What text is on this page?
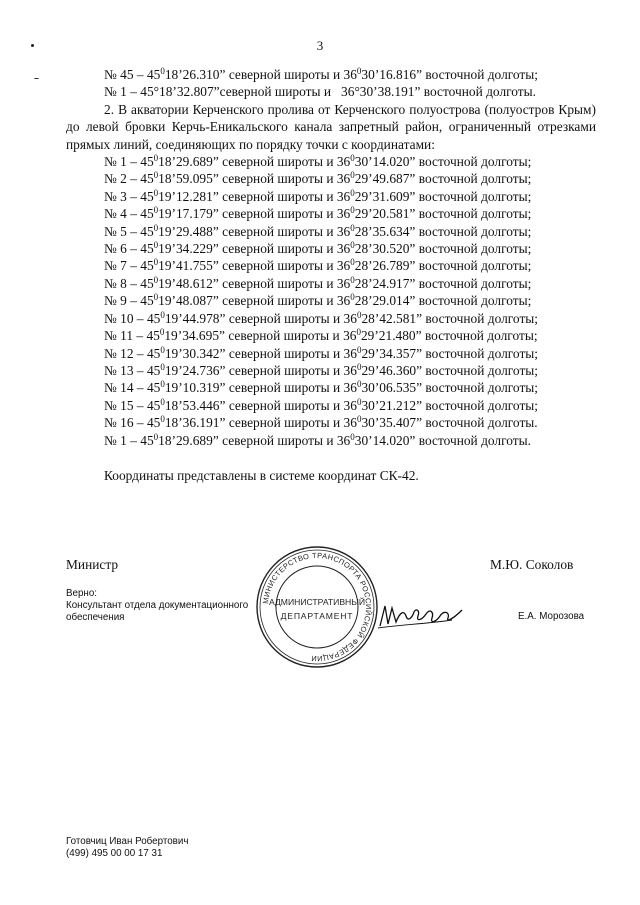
3

№ $45 - 45^018’26.310$” северной широты и $36^030’16.816$” восточной долготы;

№ 1 – 45°18’32.807”северной широты и 36°30’38.191” восточной долготы.

2. В акватории Керченского пролива от Керченского полуострова (полуостров Крым) до левой бровки Керчь-Еникальского канала запретный район, ограниченный отрезками прямых линий, соединяющих по порядку точки с координатами:

№ $1 - 45^018’29.689$” северной широты и $36^030’14.020$” восточной долготы;

№ $2 - 45^018’59.095$” северной широты и $36^029’49.687$” восточной долготы;

№ $3 - 45^019’12.281$” северной широты и $36^029’31.609$” восточной долготы;

№ $4 - 45^019’17.179$” северной широты и $36^029’20.581$” восточной долготы;

№ $5 - 45^019’29.488$” северной широты и $36^028’35.634$” восточной долготы;

№ $6 - 45^019’34.229$” северной широты и $36^028’30.520$” восточной долготы;

№ $7 - 45^019’41.755$” северной широты и $36^028’26.789$” восточной долготы;

№ $8 - 45^019’48.612$” северной широты и $36^028’24.917$” восточной долготы;

№ $9 - 45^019’48.087$” северной широты и $36^028’29.014$” восточной долготы;

№ $10 - 45^019’44.978$” северной широты и $36^028’42.581$” восточной долготы;

№ $11 - 45^019’34.695$” северной широты и $36^029’21.480$” восточной долготы;

№ $12 - 45^019’30.342$” северной широты и $36^029’34.357$” восточной долготы;

№ $13 - 45^019’24.736$” северной широты и $36^029’46.360$” восточной долготы;

№ $14 - 45^019’10.319$” северной широты и $36^030’06.535$” восточной долготы;

№ $15 - 45^018’53.446$” северной широты и $36^030’21.212$” восточной долготы;

№ $16 - 45^018’36.191$” северной широты и $36^030’35.407$” восточной долготы.

№ $1 - 45^018’29.689$” северной широты и $36^030’14.020$” восточной долготы.

Координаты представлены в системе координат СК-42.
Министр	М.Ю. Соколов
Верно:
Консультант отдела документационного обеспечения	Е.А. Морозова
МИНИСТЕРСТВО ТРАНСПОРТА РОССИЙСКОЙ ФЕДЕРАЦИИ
АДМИНИСТРАТИВНЫЙ
ДЕПАРТАМЕНТ
Готовчиц Иван Робертович
(499) 495 00 00 17 31
